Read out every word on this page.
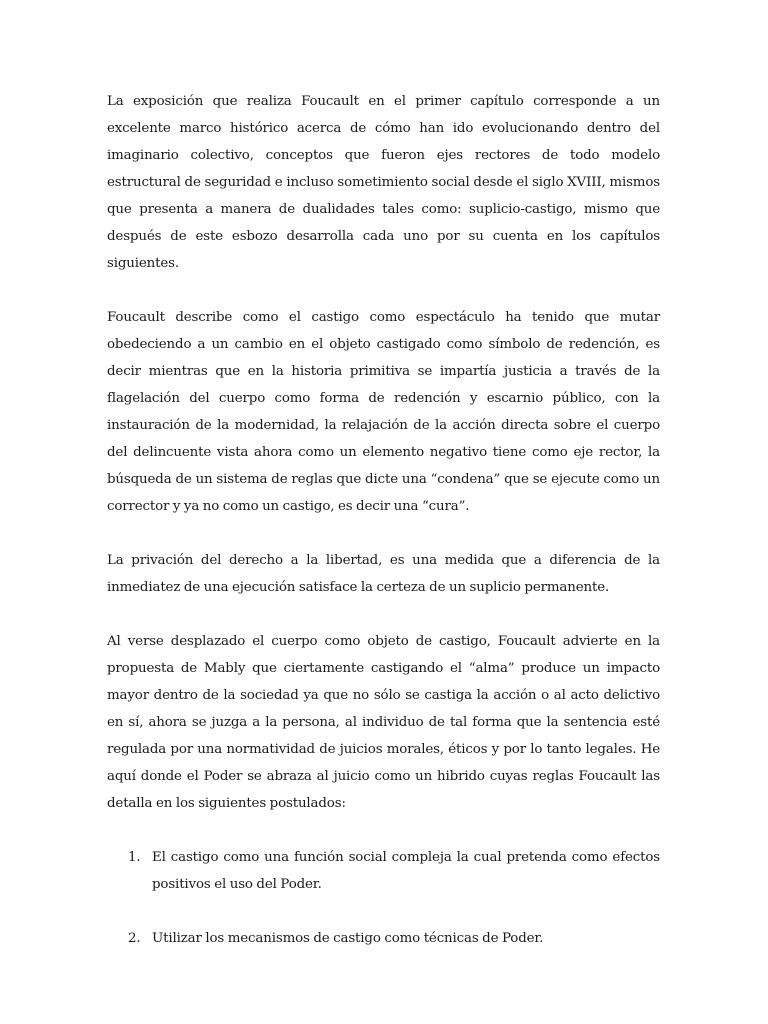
La exposición que realiza Foucault en el primer capítulo corresponde a un excelente marco histórico acerca de cómo han ido evolucionando dentro del imaginario colectivo, conceptos que fueron ejes rectores de todo modelo estructural de seguridad e incluso sometimiento social desde el siglo XVIII, mismos que presenta a manera de dualidades tales como: suplicio-castigo, mismo que después de este esbozo desarrolla cada uno por su cuenta en los capítulos siguientes.

Foucault describe como el castigo como espectáculo ha tenido que mutar obedeciendo a un cambio en el objeto castigado como símbolo de redención, es decir mientras que en la historia primitiva se impartía justicia a través de la flagelación del cuerpo como forma de redención y escarnio público, con la instauración de la modernidad, la relajación de la acción directa sobre el cuerpo del delincuente vista ahora como un elemento negativo tiene como eje rector, la búsqueda de un sistema de reglas que dicte una “condena” que se ejecute como un corrector y ya no como un castigo, es decir una “cura”.

La privación del derecho a la libertad, es una medida que a diferencia de la inmediatez de una ejecución satisface la certeza de un suplicio permanente.

Al verse desplazado el cuerpo como objeto de castigo, Foucault advierte en la propuesta de Mably que ciertamente castigando el “alma” produce un impacto mayor dentro de la sociedad ya que no sólo se castiga la acción o al acto delictivo en sí, ahora se juzga a la persona, al individuo de tal forma que la sentencia esté regulada por una normatividad de juicios morales, éticos y por lo tanto legales. He aquí donde el Poder se abraza al juicio como un hibrido cuyas reglas Foucault las detalla en los siguientes postulados:

1. El castigo como una función social compleja la cual pretenda como efectos positivos el uso del Poder.
2. Utilizar los mecanismos de castigo como técnicas de Poder.
